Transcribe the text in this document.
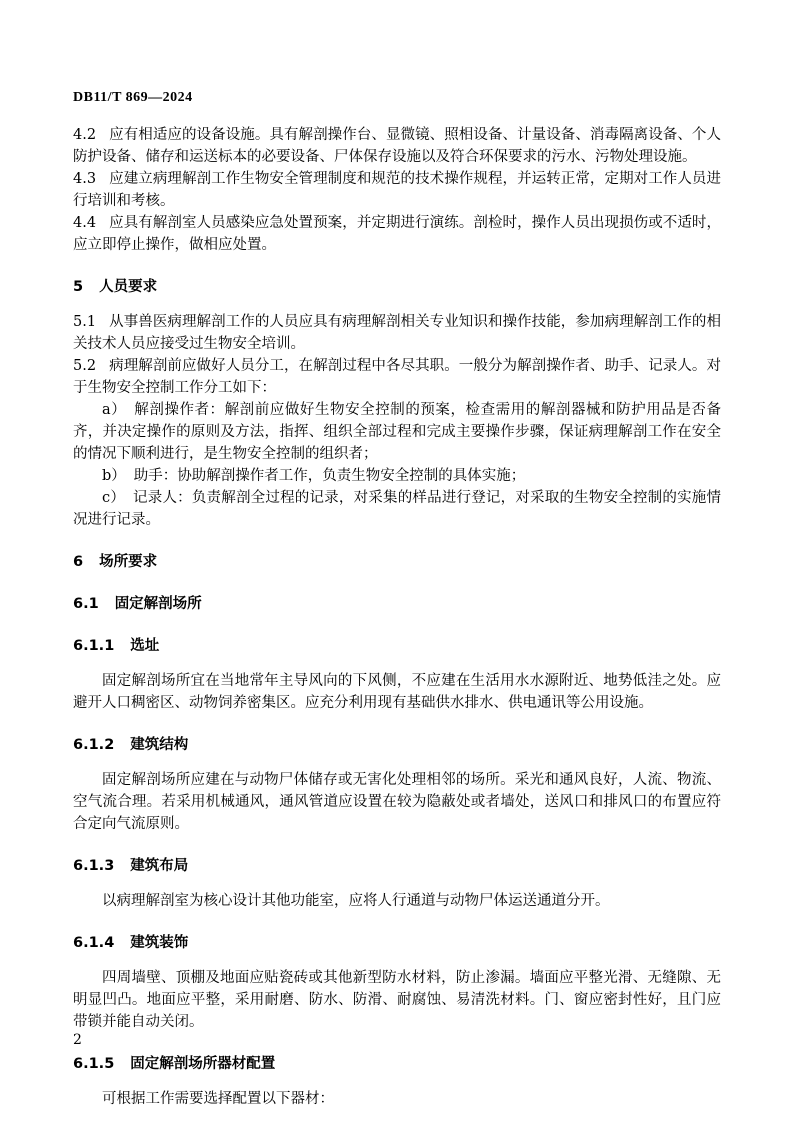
DB11/T 869—2024
4.2 应有相适应的设备设施。具有解剖操作台、显微镜、照相设备、计量设备、消毒隔离设备、个人防护设备、储存和运送标本的必要设备、尸体保存设施以及符合环保要求的污水、污物处理设施。
4.3 应建立病理解剖工作生物安全管理制度和规范的技术操作规程，并运转正常，定期对工作人员进行培训和考核。
4.4 应具有解剖室人员感染应急处置预案，并定期进行演练。剖检时，操作人员出现损伤或不适时，应立即停止操作，做相应处置。
5 人员要求
5.1 从事兽医病理解剖工作的人员应具有病理解剖相关专业知识和操作技能，参加病理解剖工作的相关技术人员应接受过生物安全培训。
5.2 病理解剖前应做好人员分工，在解剖过程中各尽其职。一般分为解剖操作者、助手、记录人。对于生物安全控制工作分工如下：
a） 解剖操作者：解剖前应做好生物安全控制的预案，检查需用的解剖器械和防护用品是否备齐，并决定操作的原则及方法，指挥、组织全部过程和完成主要操作步骤，保证病理解剖工作在安全的情况下顺利进行，是生物安全控制的组织者；
b） 助手：协助解剖操作者工作，负责生物安全控制的具体实施；
c） 记录人：负责解剖全过程的记录，对采集的样品进行登记，对采取的生物安全控制的实施情况进行记录。
6 场所要求
6.1 固定解剖场所
6.1.1 选址
固定解剖场所宜在当地常年主导风向的下风侧，不应建在生活用水水源附近、地势低洼之处。应避开人口稠密区、动物饲养密集区。应充分利用现有基础供水排水、供电通讯等公用设施。
6.1.2 建筑结构
固定解剖场所应建在与动物尸体储存或无害化处理相邻的场所。采光和通风良好，人流、物流、空气流合理。若采用机械通风，通风管道应设置在较为隐蔽处或者墙处，送风口和排风口的布置应符合定向气流原则。
6.1.3 建筑布局
以病理解剖室为核心设计其他功能室，应将人行通道与动物尸体运送通道分开。
6.1.4 建筑装饰
四周墙壁、顶棚及地面应贴瓷砖或其他新型防水材料，防止渗漏。墙面应平整光滑、无缝隙、无明显凹凸。地面应平整，采用耐磨、防水、防滑、耐腐蚀、易清洗材料。门、窗应密封性好，且门应带锁并能自动关闭。
6.1.5 固定解剖场所器材配置
可根据工作需要选择配置以下器材：
2
